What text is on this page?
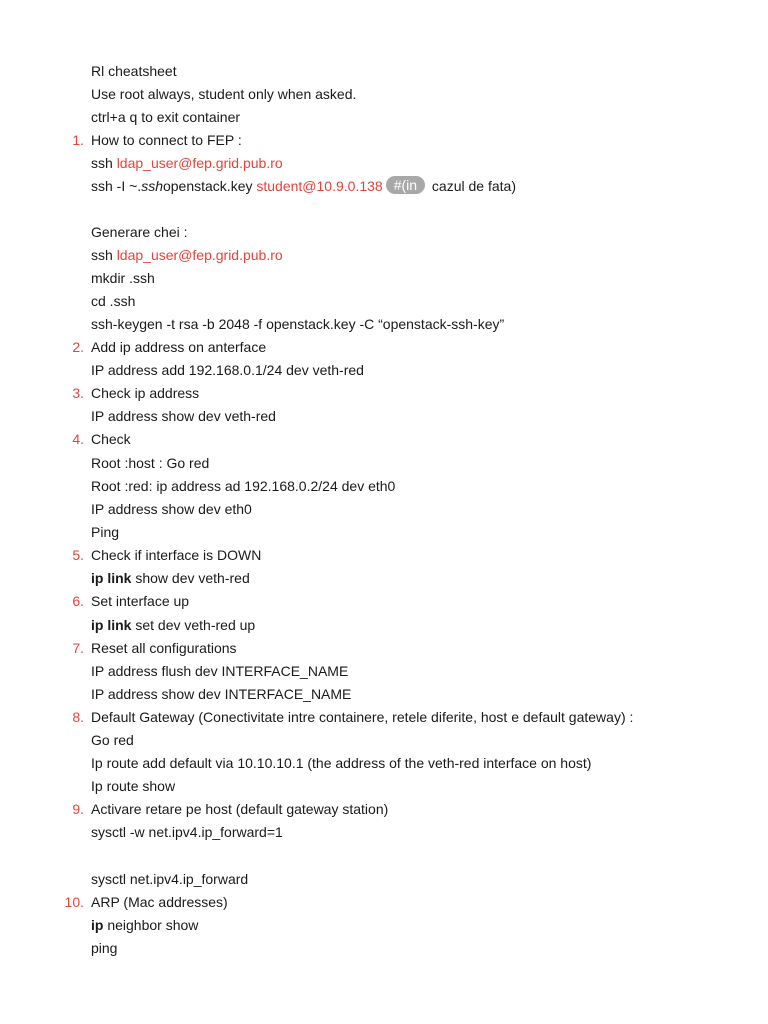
Rl cheatsheet
Use root always, student only when asked.
ctrl+a q to exit container
1. How to connect to FEP :
ssh ldap_user@fep.grid.pub.ro
ssh -I ~.sshopenstack.key student@10.9.0.138 #(in cazul de fata)
Generare chei :
ssh ldap_user@fep.grid.pub.ro
mkdir .ssh
cd .ssh
ssh-keygen -t rsa -b 2048 -f openstack.key -C “openstack-ssh-key”
2. Add ip address on anterface
IP address add 192.168.0.1/24 dev veth-red
3. Check ip address
IP address show dev veth-red
4. Check
Root :host : Go red
Root :red: ip address ad 192.168.0.2/24 dev eth0
IP address show dev eth0
Ping
5. Check if interface is DOWN
ip link show dev veth-red
6. Set interface up
ip link set dev veth-red up
7. Reset all configurations
IP address flush dev INTERFACE_NAME
IP address show dev INTERFACE_NAME
8. Default Gateway (Conectivitate intre containere, retele diferite, host e default gateway) :
Go red
Ip route add default via 10.10.10.1 (the address of the veth-red interface on host)
Ip route show
9. Activare retare pe host (default gateway station)
sysctl -w net.ipv4.ip_forward=1
sysctl net.ipv4.ip_forward
10. ARP (Mac addresses)
ip neighbor show
ping
